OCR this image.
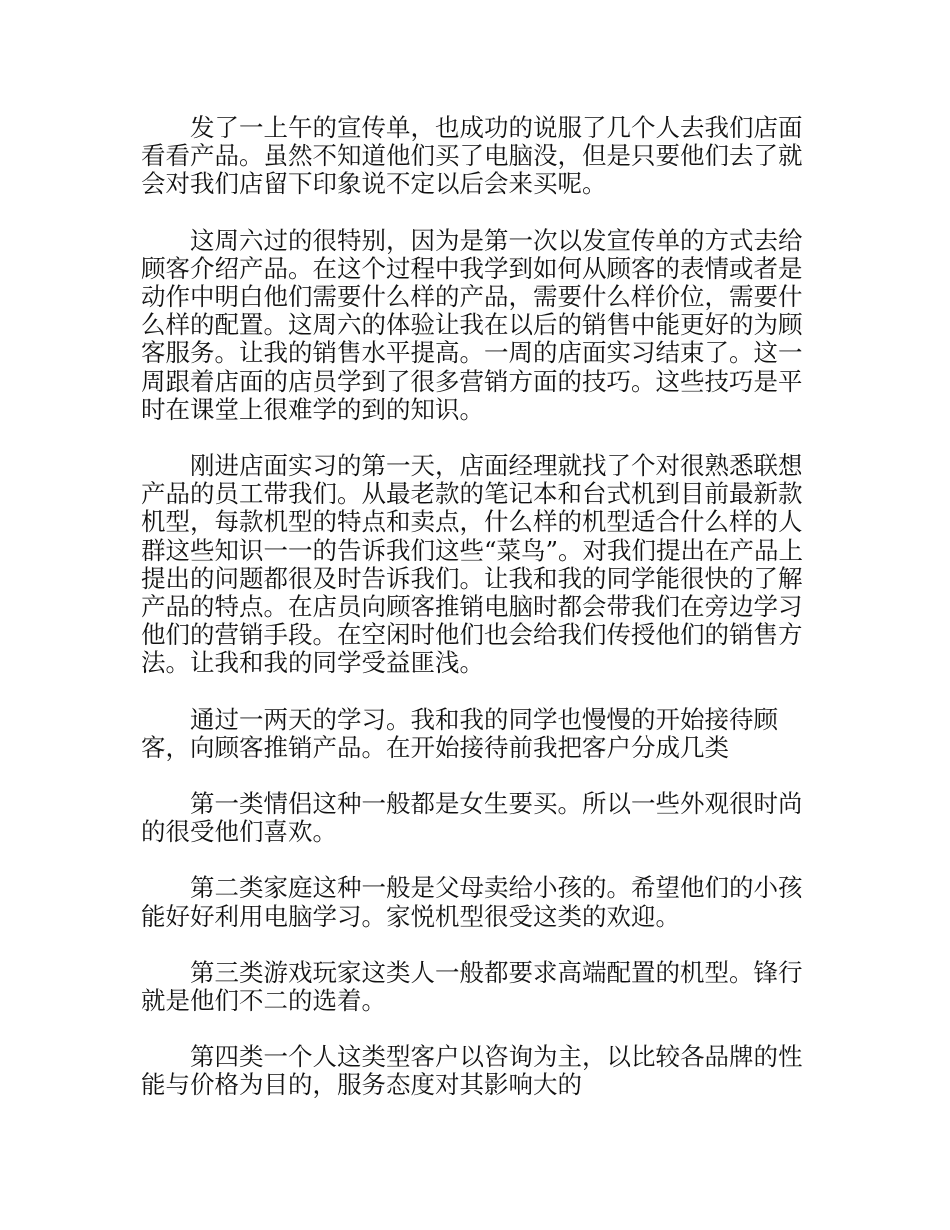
发了一上午的宣传单，也成功的说服了几个人去我们店面看看产品。虽然不知道他们买了电脑没，但是只要他们去了就会对我们店留下印象说不定以后会来买呢。

这周六过的很特别，因为是第一次以发宣传单的方式去给顾客介绍产品。在这个过程中我学到如何从顾客的表情或者是动作中明白他们需要什么样的产品，需要什么样价位，需要什么样的配置。这周六的体验让我在以后的销售中能更好的为顾客服务。让我的销售水平提高。一周的店面实习结束了。这一周跟着店面的店员学到了很多营销方面的技巧。这些技巧是平时在课堂上很难学的到的知识。

刚进店面实习的第一天，店面经理就找了个对很熟悉联想产品的员工带我们。从最老款的笔记本和台式机到目前最新款机型，每款机型的特点和卖点，什么样的机型适合什么样的人群这些知识一一的告诉我们这些“菜鸟”。对我们提出在产品上提出的问题都很及时告诉我们。让我和我的同学能很快的了解产品的特点。在店员向顾客推销电脑时都会带我们在旁边学习他们的营销手段。在空闲时他们也会给我们传授他们的销售方法。让我和我的同学受益匪浅。

通过一两天的学习。我和我的同学也慢慢的开始接待顾客，向顾客推销产品。在开始接待前我把客户分成几类

第一类情侣这种一般都是女生要买。所以一些外观很时尚的很受他们喜欢。

第二类家庭这种一般是父母卖给小孩的。希望他们的小孩能好好利用电脑学习。家悦机型很受这类的欢迎。

第三类游戏玩家这类人一般都要求高端配置的机型。锋行就是他们不二的选着。

第四类一个人这类型客户以咨询为主，以比较各品牌的性能与价格为目的，服务态度对其影响大的
